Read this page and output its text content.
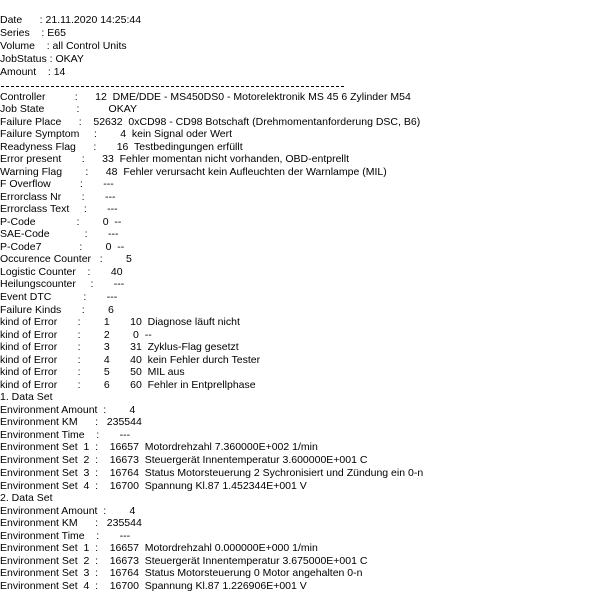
Date      : 21.11.2020 14:25:44
Series    : E65
Volume    : all Control Units
JobStatus : OKAY
Amount    : 14
Controller          :      12  DME/DDE - MS450DS0 - Motorelektronik MS 45 6 Zylinder M54
Job State           :          OKAY
Failure Place      :    52632  0xCD98 - CD98 Botschaft (Drehmomentanforderung DSC, B6)
Failure Symptom     :        4  kein Signal oder Wert
Readyness Flag      :       16  Testbedingungen erfüllt
Error present       :      33  Fehler momentan nicht vorhanden, OBD-entprellt
Warning Flag        :      48  Fehler verursacht kein Aufleuchten der Warnlampe (MIL)
F Overflow          :       ---
Errorclass Nr       :       ---
Errorclass Text     :       ---
P-Code              :        0  --
SAE-Code            :       ---
P-Code7             :        0  --
Occurence Counter   :        5
Logistic Counter    :       40
Heilungscounter     :       ---
Event DTC           :       ---
Failure Kinds       :        6
kind of Error       :        1       10  Diagnose läuft nicht
kind of Error       :        2        0  --
kind of Error       :        3       31  Zyklus-Flag gesetzt
kind of Error       :        4       40  kein Fehler durch Tester
kind of Error       :        5       50  MIL aus
kind of Error       :        6       60  Fehler in Entprellphase
1. Data Set
Environment Amount  :        4
Environment KM      :   235544
Environment Time    :       ---
Environment Set  1  :    16657  Motordrehzahl 7.360000E+002 1/min
Environment Set  2  :    16673  Steuergerät Innentemperatur 3.600000E+001 C
Environment Set  3  :    16764  Status Motorsteuerung 2 Sychronisiert und Zündung ein 0-n
Environment Set  4  :    16700  Spannung Kl.87 1.452344E+001 V
2. Data Set
Environment Amount  :        4
Environment KM      :   235544
Environment Time    :       ---
Environment Set  1  :    16657  Motordrehzahl 0.000000E+000 1/min
Environment Set  2  :    16673  Steuergerät Innentemperatur 3.675000E+001 C
Environment Set  3  :    16764  Status Motorsteuerung 0 Motor angehalten 0-n
Environment Set  4  :    16700  Spannung Kl.87 1.226906E+001 V
